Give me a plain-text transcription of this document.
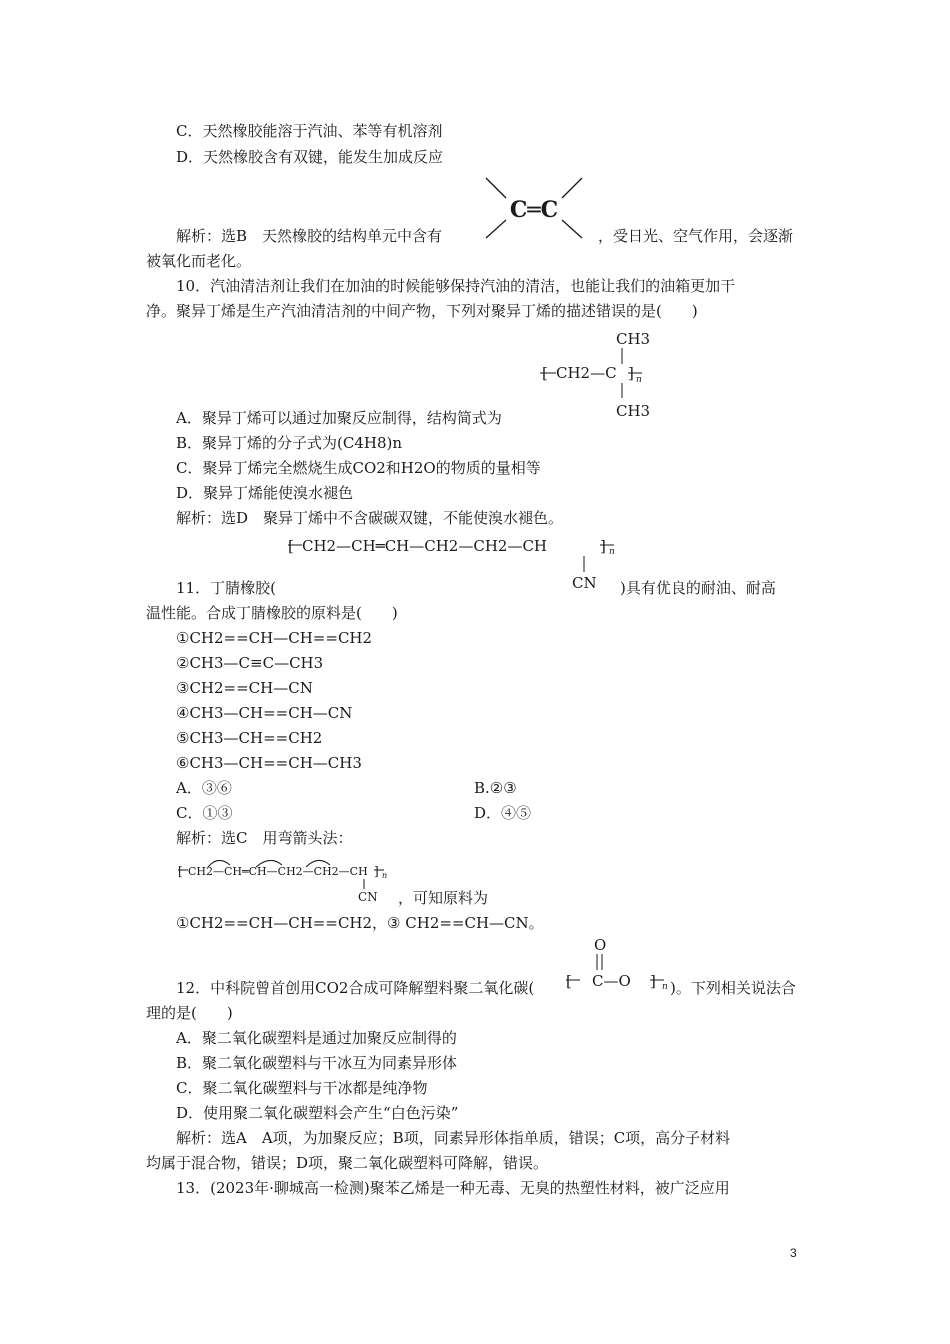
C．天然橡胶能溶于汽油、苯等有机溶剂
D．天然橡胶含有双键，能发生加成反应
C═C
解析：选B　天然橡胶的结构单元中含有	，受日光、空气作用，会逐渐
被氧化而老化。
10．汽油清洁剂让我们在加油的时候能够保持汽油的清洁，也能让我们的油箱更加干
净。聚异丁烯是生产汽油清洁剂的中间产物，下列对聚异丁烯的描述错误的是(　　)
CH3
[ CH2—C ] n
CH3
A．聚异丁烯可以通过加聚反应制得，结构简式为
B．聚异丁烯的分子式为(C4H8)n
C．聚异丁烯完全燃烧生成CO2和H2O的物质的量相等
D．聚异丁烯能使溴水褪色
解析：选D　聚异丁烯中不含碳碳双键，不能使溴水褪色。
[ CH2—CH═CH—CH2—CH2—CH	] n
CN
11．丁腈橡胶(	)具有优良的耐油、耐高
温性能。合成丁腈橡胶的原料是(　　)
①CH2==CH—CH==CH2
②CH3—C≡C—CH3
③CH2==CH—CN
④CH3—CH==CH—CN
⑤CH3—CH==CH2
⑥CH3—CH==CH—CH3
A．③⑥	B.②③
C．①③	D．④⑤
解析：选C　用弯箭头法：
[ CH2—CH═CH—CH2—CH2—CH ] n
CN ，可知原料为
①CH2==CH—CH==CH2，③ CH2==CH—CN。
O
[ C—O ] n
12．中科院曾首创用CO2合成可降解塑料聚二氧化碳(	)。下列相关说法合
理的是(　　)
A．聚二氧化碳塑料是通过加聚反应制得的
B．聚二氧化碳塑料与干冰互为同素异形体
C．聚二氧化碳塑料与干冰都是纯净物
D．使用聚二氧化碳塑料会产生“白色污染”
解析：选A　A项，为加聚反应；B项，同素异形体指单质，错误；C项，高分子材料
均属于混合物，错误；D项，聚二氧化碳塑料可降解，错误。
13．(2023年·聊城高一检测)聚苯乙烯是一种无毒、无臭的热塑性材料，被广泛应用
3
